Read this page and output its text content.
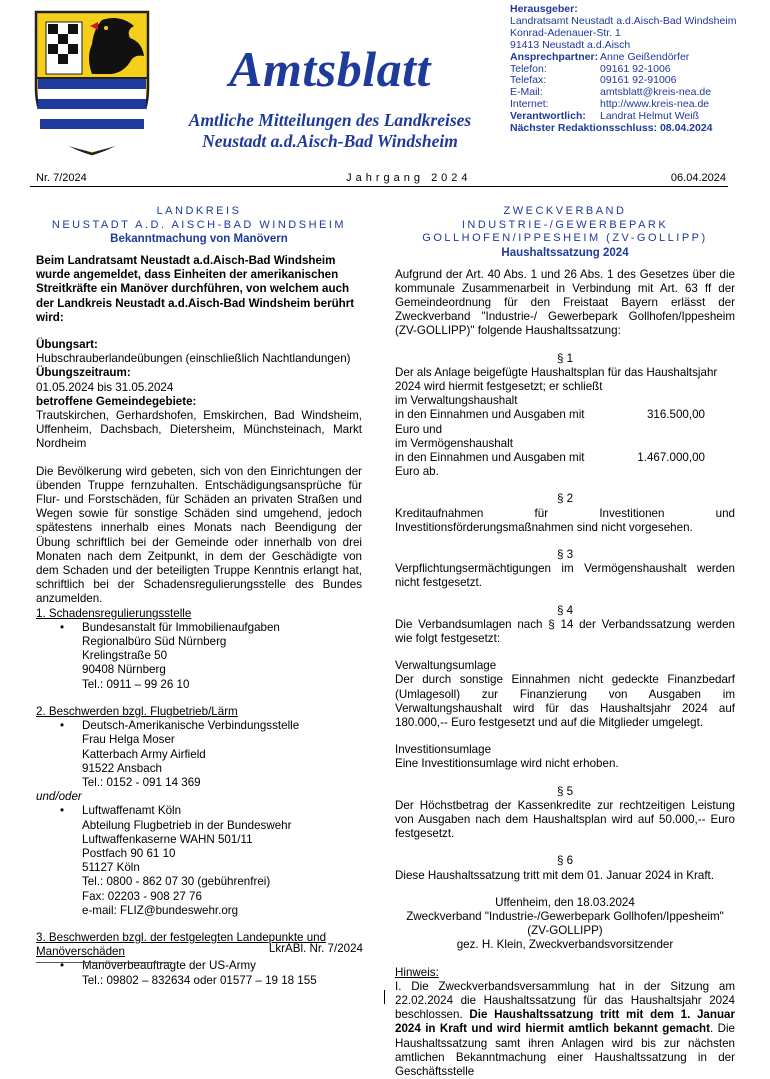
Amtsblatt
Amtliche Mitteilungen des Landkreises
Neustadt a.d.Aisch-Bad Windsheim
Herausgeber:
Landratsamt Neustadt a.d.Aisch-Bad Windsheim
Konrad-Adenauer-Str. 1
91413 Neustadt a.d.Aisch
Ansprechpartner: Anne Geißendörfer
Telefon:	09161 92-1006
Telefax:	09161 92-91006
E-Mail:	amtsblatt@kreis-nea.de
Internet:	http://www.kreis-nea.de
Verantwortlich:	Landrat Helmut Weiß
Nächster Redaktionsschluss: 08.04.2024
Nr. 7/2024	Jahrgang 2024	06.04.2024
LANDKREIS
NEUSTADT A.D. AISCH-BAD WINDSHEIM
Bekanntmachung von Manövern
Beim Landratsamt Neustadt a.d.Aisch-Bad Windsheim wurde angemeldet, dass Einheiten der amerikanischen Streitkräfte ein Manöver durchführen, von welchem auch der Landkreis Neustadt a.d.Aisch-Bad Windsheim berührt wird:
Übungsart:
Hubschrauberlandeübungen (einschließlich Nachtlandungen)
Übungszeitraum:
01.05.2024 bis 31.05.2024
betroffene Gemeindegebiete:
Trautskirchen, Gerhardshofen, Emskirchen, Bad Windsheim, Uffenheim, Dachsbach, Dietersheim, Münchsteinach, Markt Nordheim
Die Bevölkerung wird gebeten, sich von den Einrichtungen der übenden Truppe fernzuhalten. Entschädigungsansprüche für Flur- und Forstschäden, für Schäden an privaten Straßen und Wegen sowie für sonstige Schäden sind umgehend, jedoch spätestens innerhalb eines Monats nach Beendigung der Übung schriftlich bei der Gemeinde oder innerhalb von drei Monaten nach dem Zeitpunkt, in dem der Geschädigte von dem Schaden und der beteiligten Truppe Kenntnis erlangt hat, schriftlich bei der Schadensregulierungsstelle des Bundes anzumelden.
1. Schadensregulierungsstelle
• Bundesanstalt für Immobilienaufgaben
Regionalbüro Süd Nürnberg
Krelingstraße 50
90408 Nürnberg
Tel.: 0911 – 99 26 10
2. Beschwerden bzgl. Flugbetrieb/Lärm
• Deutsch-Amerikanische Verbindungsstelle
Frau Helga Moser
Katterbach Army Airfield
91522 Ansbach
Tel.: 0152 - 091 14 369
und/oder
• Luftwaffenamt Köln
Abteilung Flugbetrieb in der Bundeswehr
Luftwaffenkaserne WAHN 501/11
Postfach 90 61 10
51127 Köln
Tel.: 0800 - 862 07 30 (gebührenfrei)
Fax: 02203 - 908 27 76
e-mail: FLIZ@bundeswehr.org
3. Beschwerden bzgl. der festgelegten Landepunkte und Manöverschäden
• Manöverbeauftragte der US-Army
Tel.: 09802 – 832634 oder 01577 – 19 18 155
LkrABl. Nr. 7/2024
ZWECKVERBAND
INDUSTRIE-/GEWERBEPARK
GOLLHOFEN/IPPESHEIM (ZV-GOLLIPP)
Haushaltssatzung 2024
Aufgrund der Art. 40 Abs. 1 und 26 Abs. 1 des Gesetzes über die kommunale Zusammenarbeit in Verbindung mit Art. 63 ff der Gemeindeordnung für den Freistaat Bayern erlässt der Zweckverband "Industrie-/ Gewerbepark Gollhofen/Ippesheim (ZV-GOLLIPP)" folgende Haushaltssatzung:
§ 1
Der als Anlage beigefügte Haushaltsplan für das Haushaltsjahr 2024 wird hiermit festgesetzt; er schließt
im Verwaltungshaushalt
in den Einnahmen und Ausgaben mit	316.500,00
Euro und
im Vermögenshaushalt
in den Einnahmen und Ausgaben mit	1.467.000,00
Euro ab.
§ 2
Kreditaufnahmen für Investitionen und Investitionsförderungsmaßnahmen sind nicht vorgesehen.
§ 3
Verpflichtungsermächtigungen im Vermögenshaushalt werden nicht festgesetzt.
§ 4
Die Verbandsumlagen nach § 14 der Verbandssatzung werden wie folgt festgesetzt:
Verwaltungsumlage
Der durch sonstige Einnahmen nicht gedeckte Finanzbedarf (Umlagesoll) zur Finanzierung von Ausgaben im Verwaltungshaushalt wird für das Haushaltsjahr 2024 auf 180.000,-- Euro festgesetzt und auf die Mitglieder umgelegt.
Investitionsumlage
Eine Investitionsumlage wird nicht erhoben.
§ 5
Der Höchstbetrag der Kassenkredite zur rechtzeitigen Leistung von Ausgaben nach dem Haushaltsplan wird auf 50.000,-- Euro festgesetzt.
§ 6
Diese Haushaltssatzung tritt mit dem 01. Januar 2024 in Kraft.
Uffenheim, den 18.03.2024
Zweckverband "Industrie-/Gewerbepark Gollhofen/Ippesheim"
(ZV-GOLLIPP)
gez. H. Klein, Zweckverbandsvorsitzender
Hinweis:
I. Die Zweckverbandsversammlung hat in der Sitzung am 22.02.2024 die Haushaltssatzung für das Haushaltsjahr 2024 beschlossen. Die Haushaltssatzung tritt mit dem 1. Januar 2024 in Kraft und wird hiermit amtlich bekannt gemacht. Die Haushaltssatzung samt ihren Anlagen wird bis zur nächsten amtlichen Bekanntmachung einer Haushaltssatzung in der Geschäftsstelle
